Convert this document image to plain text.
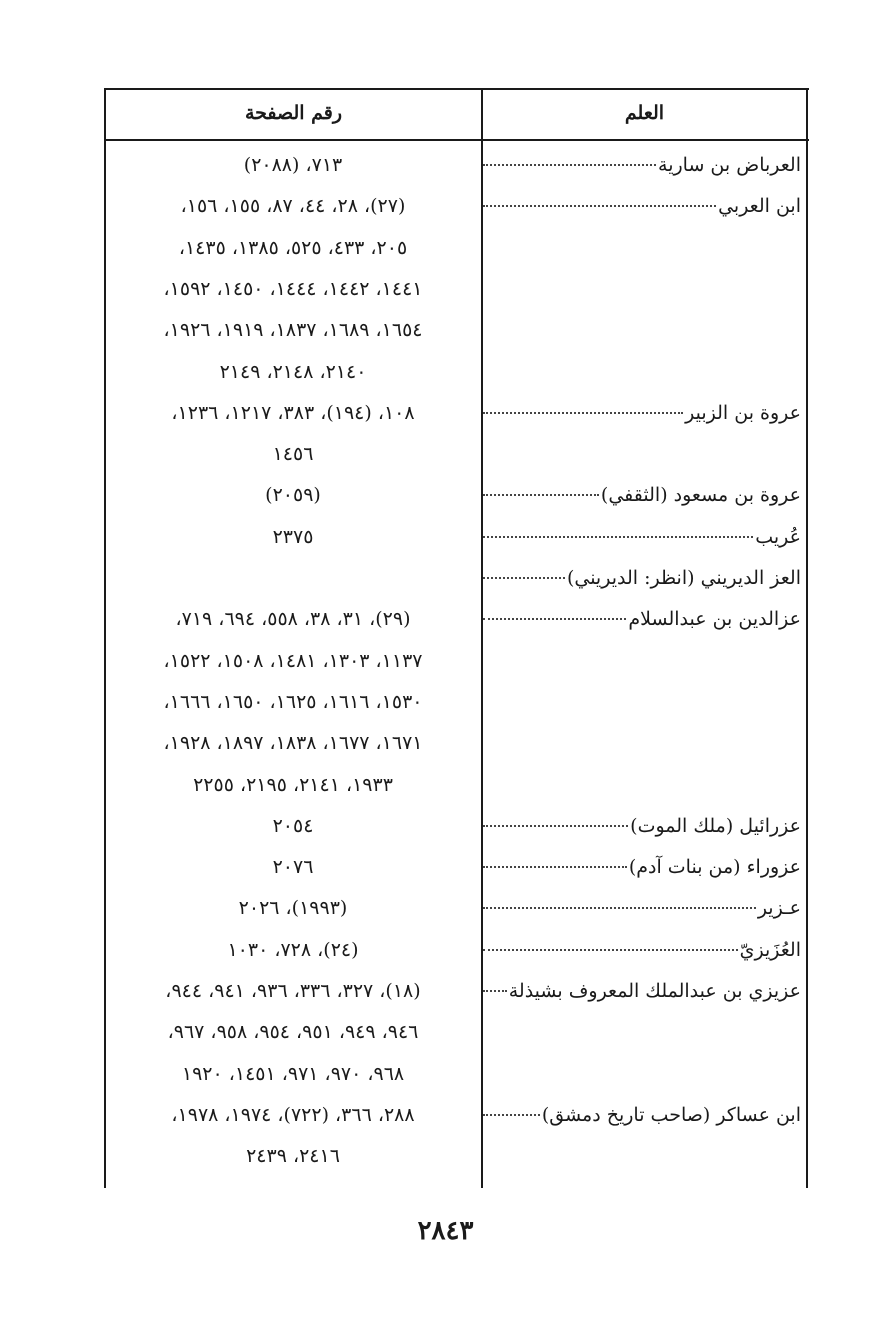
العلم
رقم الصفحة
العرباض بن سارية
٧١٣، (٢٠٨٨)
ابن العربي
(٢٧)، ٢٨، ٤٤، ٨٧، ١٥٥، ١٥٦،
٢٠٥، ٤٣٣، ٥٢٥، ١٣٨٥، ١٤٣٥،
١٤٤١، ١٤٤٢، ١٤٤٤، ١٤٥٠، ١٥٩٢،
١٦٥٤، ١٦٨٩، ١٨٣٧، ١٩١٩، ١٩٢٦،
٢١٤٠، ٢١٤٨، ٢١٤٩
عروة بن الزبير
١٠٨، (١٩٤)، ٣٨٣، ١٢١٧، ١٢٣٦،
١٤٥٦
عروة بن مسعود (الثقفي)
(٢٠٥٩)
عُريب
٢٣٧٥
العز الديريني (انظر: الديريني)
عزالدين بن عبدالسلام
(٢٩)، ٣١، ٣٨، ٥٥٨، ٦٩٤، ٧١٩،
١١٣٧، ١٣٠٣، ١٤٨١، ١٥٠٨، ١٥٢٢،
١٥٣٠، ١٦١٦، ١٦٢٥، ١٦٥٠، ١٦٦٦،
١٦٧١، ١٦٧٧، ١٨٣٨، ١٨٩٧، ١٩٢٨،
١٩٣٣، ٢١٤١، ٢١٩٥، ٢٢٥٥
عزرائيل (ملك الموت)
٢٠٥٤
عزوراء (من بنات آدم)
٢٠٧٦
عـزير
(١٩٩٣)، ٢٠٢٦
العُزَيزيّ
(٢٤)، ٧٢٨، ١٠٣٠
عزيزي بن عبدالملك المعروف بشيذلة
(١٨)، ٣٢٧، ٣٣٦، ٩٣٦، ٩٤١، ٩٤٤،
٩٤٦، ٩٤٩، ٩٥١، ٩٥٤، ٩٥٨، ٩٦٧،
٩٦٨، ٩٧٠، ٩٧١، ١٤٥١، ١٩٢٠
ابن عساكر (صاحب تاريخ دمشق)
٢٨٨، ٣٦٦، (٧٢٢)، ١٩٧٤، ١٩٧٨،
٢٤١٦، ٢٤٣٩
٢٨٤٣
